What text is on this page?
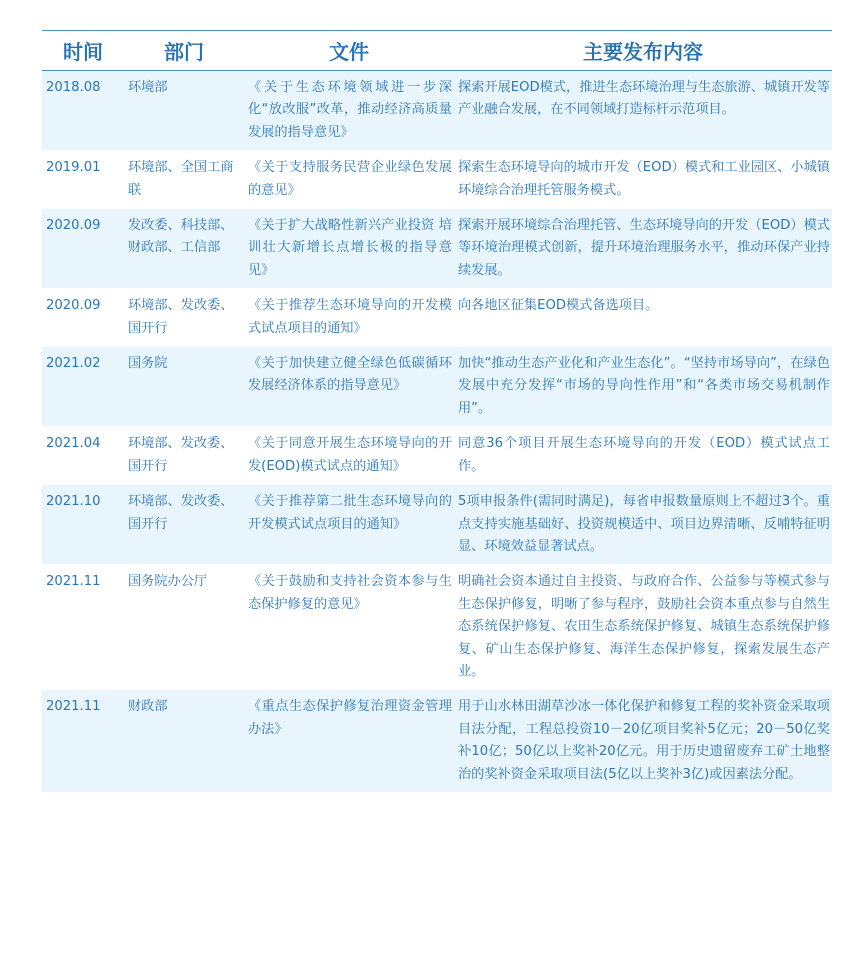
时间	部门	文件	主要发布内容
2018.08	环境部	《关于生态环境领域进一步深化“放改服”改革，推动经济高质量发展的指导意见》	探索开展EOD模式，推进生态环境治理与生态旅游、城镇开发等产业融合发展，在不同领域打造标杆示范项目。
2019.01	环境部、全国工商联	《关于支持服务民营企业绿色发展的意见》	探索生态环境导向的城市开发（EOD）模式和工业园区、小城镇环境综合治理托管服务模式。
2020.09	发改委、科技部、财政部、工信部	《关于扩大战略性新兴产业投资 培训壮大新增长点增长极的指导意见》	探索开展环境综合治理托管、生态环境导向的开发（EOD）模式等环境治理模式创新，提升环境治理服务水平，推动环保产业持续发展。
2020.09	环境部、发改委、国开行	《关于推荐生态环境导向的开发模式试点项目的通知》	向各地区征集EOD模式备选项目。
2021.02	国务院	《关于加快建立健全绿色低碳循环发展经济体系的指导意见》	加快“推动生态产业化和产业生态化”。“坚持市场导向”，在绿色发展中充分发挥“市场的导向性作用”和“各类市场交易机制作用”。
2021.04	环境部、发改委、国开行	《关于同意开展生态环境导向的开发(EOD)模式试点的通知》	同意36个项目开展生态环境导向的开发（EOD）模式试点工作。
2021.10	环境部、发改委、国开行	《关于推荐第二批生态环境导向的开发模式试点项目的通知》	5项申报条件(需同时满足)，每省申报数量原则上不超过3个。重点支持实施基础好、投资规模适中、项目边界清晰、反哺特征明显、环境效益显著试点。
2021.11	国务院办公厅	《关于鼓励和支持社会资本参与生态保护修复的意见》	明确社会资本通过自主投资、与政府合作、公益参与等模式参与生态保护修复，明晰了参与程序，鼓励社会资本重点参与自然生态系统保护修复、农田生态系统保护修复、城镇生态系统保护修复、矿山生态保护修复、海洋生态保护修复，探索发展生态产业。
2021.11	财政部	《重点生态保护修复治理资金管理办法》	用于山水林田湖草沙冰一体化保护和修复工程的奖补资金采取项目法分配，工程总投资10－20亿项目奖补5亿元；20－50亿奖补10亿；50亿以上奖补20亿元。用于历史遗留废弃工矿土地整治的奖补资金采取项目法(5亿以上奖补3亿)或因素法分配。
